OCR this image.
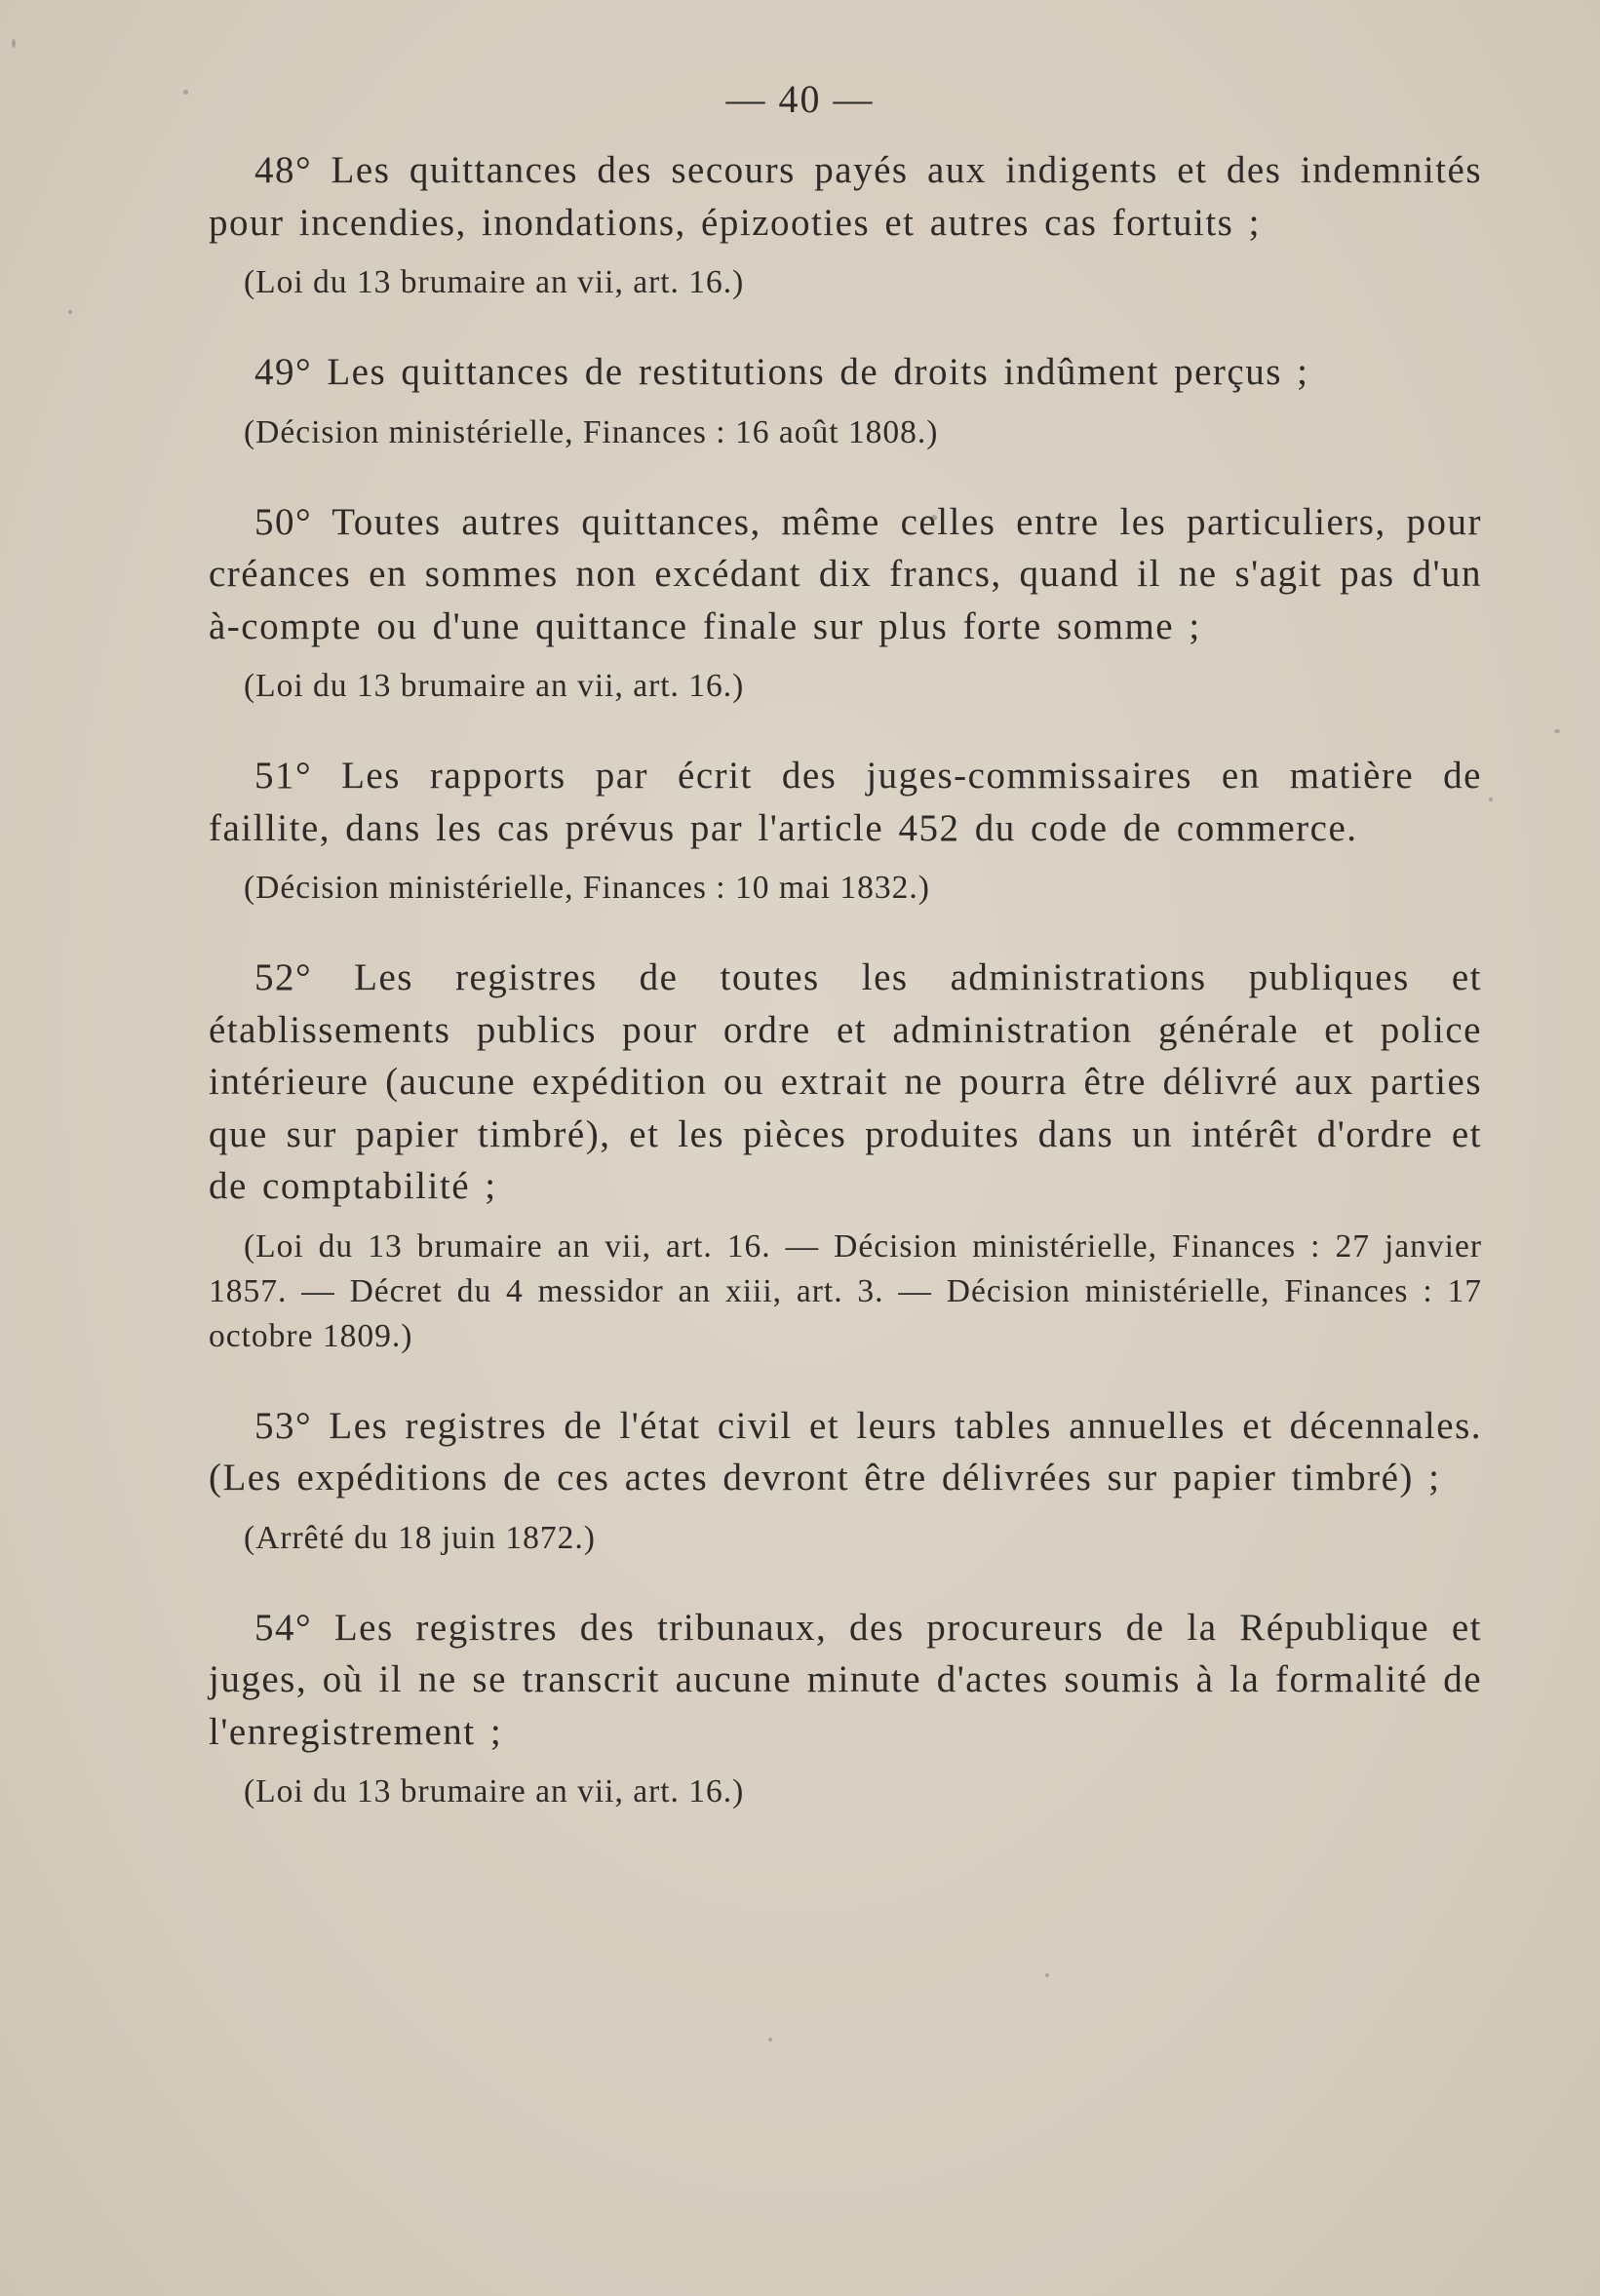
— 40 —

48° Les quittances des secours payés aux indigents et des indemnités pour incendies, inondations, épizooties et autres cas fortuits ;

(Loi du 13 brumaire an vii, art. 16.)

49° Les quittances de restitutions de droits indûment perçus ;

(Décision ministérielle, Finances : 16 août 1808.)

50° Toutes autres quittances, même celles entre les particuliers, pour créances en sommes non excédant dix francs, quand il ne s'agit pas d'un à-compte ou d'une quittance finale sur plus forte somme ;

(Loi du 13 brumaire an vii, art. 16.)

51° Les rapports par écrit des juges-commissaires en matière de faillite, dans les cas prévus par l'article 452 du code de commerce.

(Décision ministérielle, Finances : 10 mai 1832.)

52° Les registres de toutes les administrations publiques et établissements publics pour ordre et administration générale et police intérieure (aucune expédition ou extrait ne pourra être délivré aux parties que sur papier timbré), et les pièces produites dans un intérêt d'ordre et de comptabilité ;

(Loi du 13 brumaire an vii, art. 16. — Décision ministérielle, Finances : 27 janvier 1857. — Décret du 4 messidor an xiii, art. 3. — Décision ministérielle, Finances : 17 octobre 1809.)

53° Les registres de l'état civil et leurs tables annuelles et décennales. (Les expéditions de ces actes devront être délivrées sur papier timbré) ;

(Arrêté du 18 juin 1872.)

54° Les registres des tribunaux, des procureurs de la République et juges, où il ne se transcrit aucune minute d'actes soumis à la formalité de l'enregistrement ;

(Loi du 13 brumaire an vii, art. 16.)
